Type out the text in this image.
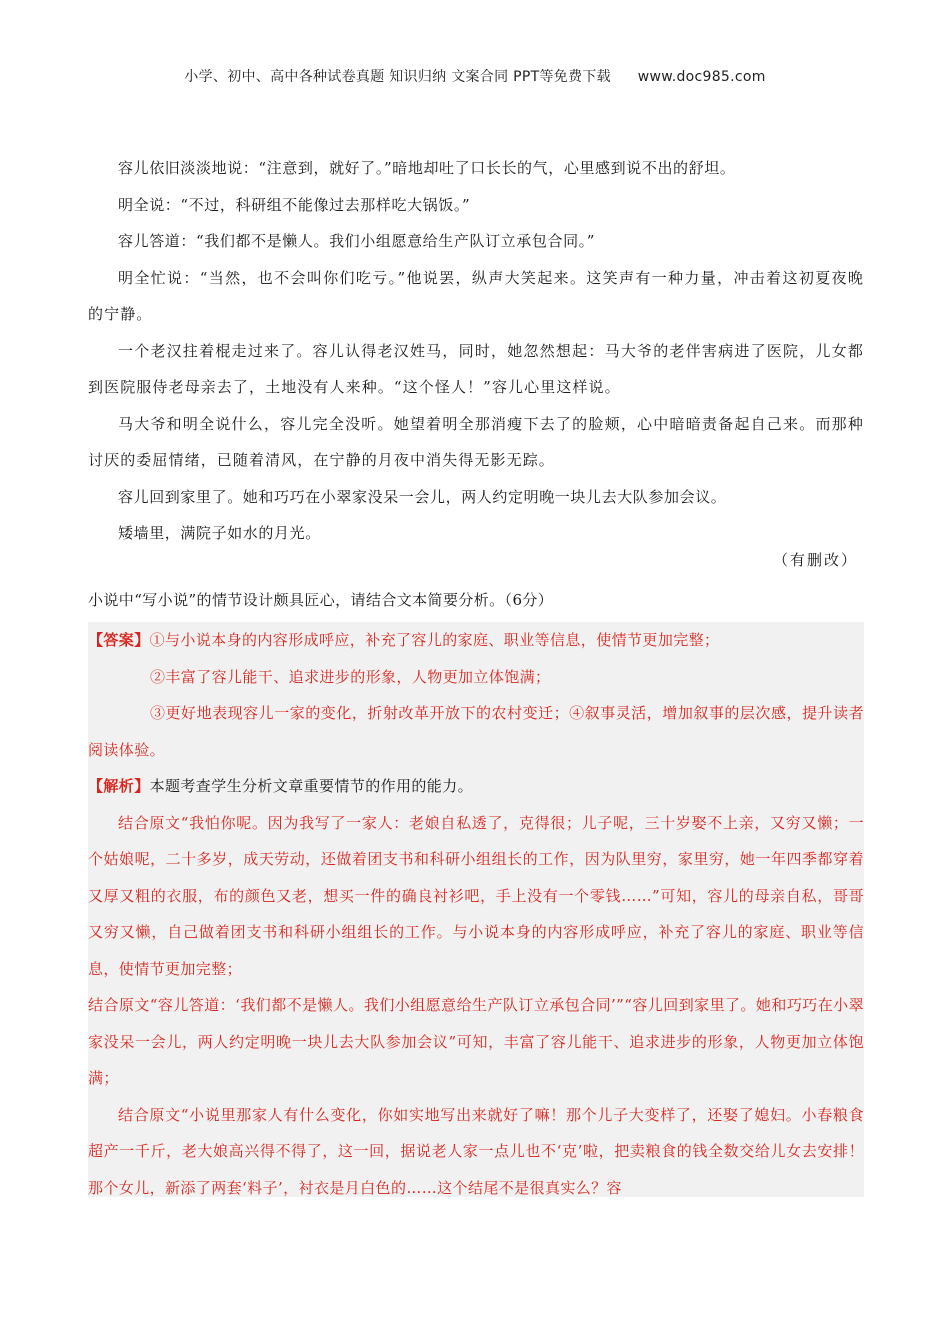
小学、初中、高中各种试卷真题 知识归纳 文案合同 PPT等免费下载 www.doc985.com

容儿依旧淡淡地说：“注意到，就好了。”暗地却吐了口长长的气，心里感到说不出的舒坦。

明全说：“不过，科研组不能像过去那样吃大锅饭。”

容儿答道：“我们都不是懒人。我们小组愿意给生产队订立承包合同。”

明全忙说：“当然，也不会叫你们吃亏。”他说罢，纵声大笑起来。这笑声有一种力量，冲击着这初夏夜晚的宁静。

一个老汉拄着棍走过来了。容儿认得老汉姓马，同时，她忽然想起：马大爷的老伴害病进了医院，儿女都到医院服侍老母亲去了，土地没有人来种。“这个怪人！”容儿心里这样说。

马大爷和明全说什么，容儿完全没听。她望着明全那消瘦下去了的脸颊，心中暗暗责备起自己来。而那种讨厌的委屈情绪，已随着清风，在宁静的月夜中消失得无影无踪。

容儿回到家里了。她和巧巧在小翠家没呆一会儿，两人约定明晚一块儿去大队参加会议。

矮墙里，满院子如水的月光。

（有删改）
小说中“写小说”的情节设计颇具匠心，请结合文本简要分析。（6分）

【答案】①与小说本身的内容形成呼应，补充了容儿的家庭、职业等信息，使情节更加完整；

②丰富了容儿能干、追求进步的形象，人物更加立体饱满；

③更好地表现容儿一家的变化，折射改革开放下的农村变迁；④叙事灵活，增加叙事的层次感，提升读者阅读体验。

【解析】本题考查学生分析文章重要情节的作用的能力。

结合原文“我怕你呢。因为我写了一家人：老娘自私透了，克得很；儿子呢，三十岁娶不上亲，又穷又懒；一个姑娘呢，二十多岁，成天劳动，还做着团支书和科研小组组长的工作，因为队里穷，家里穷，她一年四季都穿着又厚又粗的衣服，布的颜色又老，想买一件的确良衬衫吧，手上没有一个零钱……”可知，容儿的母亲自私，哥哥又穷又懒，自己做着团支书和科研小组组长的工作。与小说本身的内容形成呼应，补充了容儿的家庭、职业等信息，使情节更加完整；

结合原文“容儿答道：‘我们都不是懒人。我们小组愿意给生产队订立承包合同’”“容儿回到家里了。她和巧巧在小翠家没呆一会儿，两人约定明晚一块儿去大队参加会议”可知，丰富了容儿能干、追求进步的形象，人物更加立体饱满；

结合原文“小说里那家人有什么变化，你如实地写出来就好了嘛！那个儿子大变样了，还娶了媳妇。小春粮食超产一千斤，老大娘高兴得不得了，这一回，据说老人家一点儿也不‘克’啦，把卖粮食的钱全数交给儿女去安排！那个女儿，新添了两套‘料子’，衬衣是月白色的……这个结尾不是很真实么？容
